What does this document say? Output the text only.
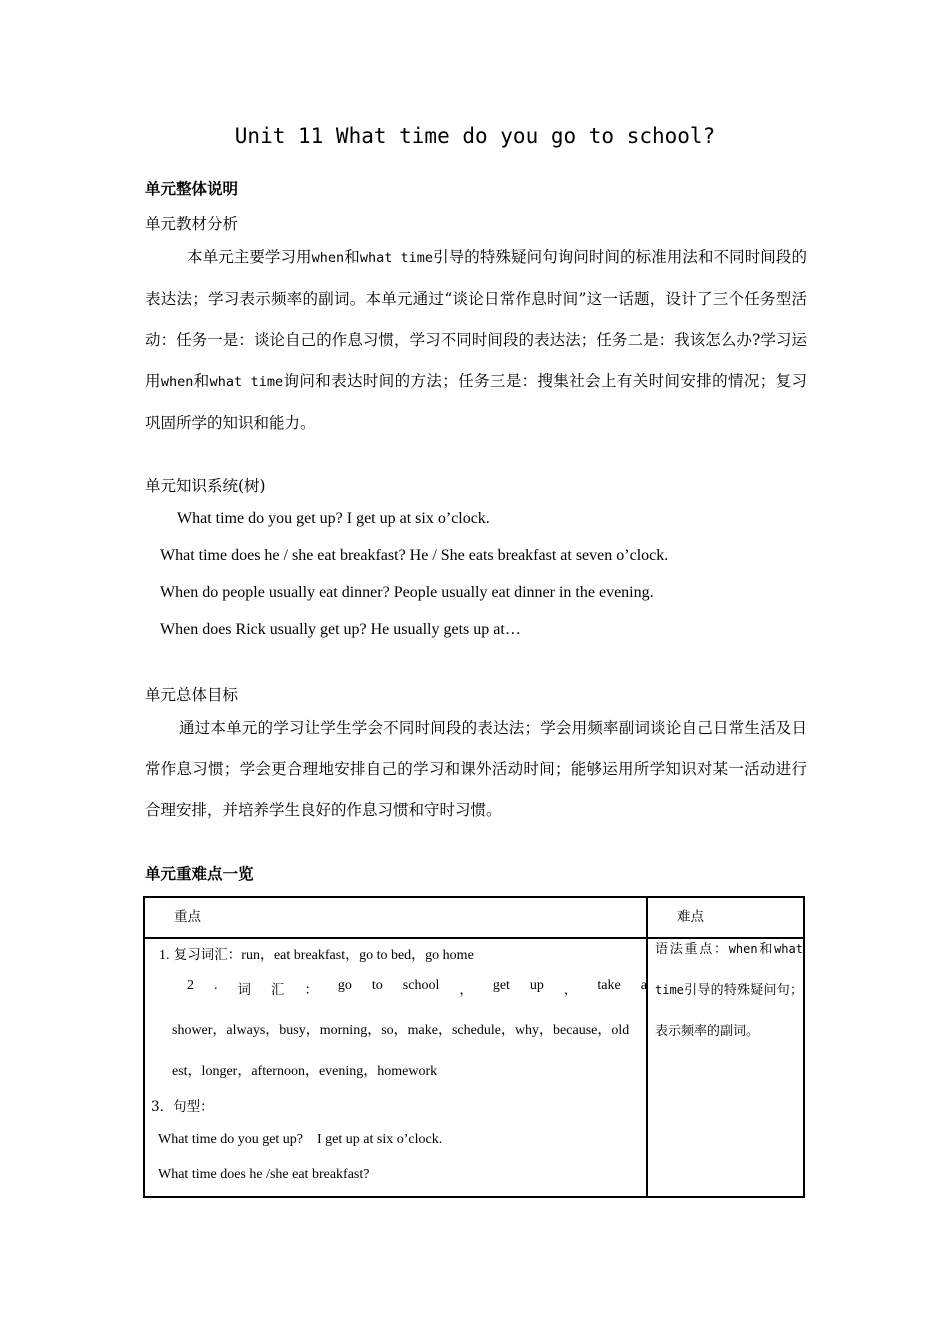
Unit 11 What time do you go to school?
单元整体说明
单元教材分析
本单元主要学习用when和what time引导的特殊疑问句询问时间的标准用法和不同时间段的表达法；学习表示频率的副词。本单元通过“谈论日常作息时间”这一话题，设计了三个任务型活动：任务一是：谈论自己的作息习惯，学习不同时间段的表达法；任务二是：我该怎么办?学习运用when和what time询问和表达时间的方法；任务三是：搜集社会上有关时间安排的情况；复习巩固所学的知识和能力。
单元知识系统(树)
What time do you get up? I get up at six o’clock.
What time does he / she eat breakfast? He / She eats breakfast at seven o’clock.
When do people usually eat dinner? People usually eat dinner in the evening.
When does Rick usually get up? He usually gets up at…
单元总体目标
通过本单元的学习让学生学会不同时间段的表达法；学会用频率副词谈论自己日常生活及日常作息习惯；学会更合理地安排自己的学习和课外活动时间；能够运用所学知识对某一活动进行合理安排，并培养学生良好的作息习惯和守时习惯。
单元重难点一览
重点	难点
1. 复习词汇：run，eat breakfast，go to bed，go home
2 . 词 汇 ： go to school ， get up ， take a
shower，always，busy，morning，so，make，schedule，why，because，old
est，longer，afternoon，evening，homework
3．句型：
What time do you get up?    I get up at six o’clock.
What time does he /she eat breakfast?
语法重点：when和what time引导的特殊疑问句；表示频率的副词。
